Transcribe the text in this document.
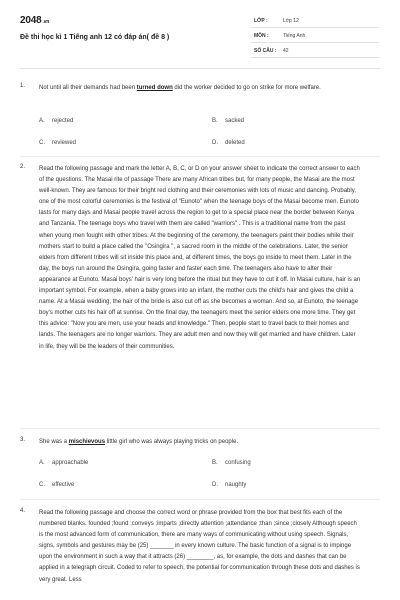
2048.vn
Đề thi học kì 1 Tiếng anh 12 có đáp án( đề 8 )
LỚP :	Lớp 12
MÔN :	Tiếng Anh
SỐ CÂU : 42
1. Not until all their demands had been turned down did the worker decided to go on strike for more welfare.
A. rejected	B. sacked
C. reviewed	D. deleted
2. Read the following passage and mark the letter A, B, C, or D on your answer sheet to indicate the correct answer to each of the questions. The Masai rite of passage There are many African tribes but, for many people, the Masai are the most well-known. They are famous for their bright red clothing and their ceremonies with lots of music and dancing. Probably, one of the most colorful ceremonies is the festival of "Eunoto" when the teenage boys of the Masai become men. Eunoto lasts for many days and Masai people travel across the region to get to a special place near the border between Kenya and Tanzania. The teenage boys who travel with them are called "warriors" . This is a traditional name from the past when young men fought with other tribes. At the beginning of the ceremony, the teenagers paint their bodies while their mothers start to build a place called the "Osingira ", a sacred room in the middle of the celebrations. Later, the senior elders from different tribes will sit inside this place and, at different times, the boys go inside to meet them. Later in the day, the boys run around the Osingira, going faster and faster each time. The teenagers also have to alter their appearance at Eunoto. Masai boys' hair is very long before the ritual but they have to cut it off. In Masai culture, hair is an important symbol. For example, when a baby grows into an infant, the mother cuts the child's hair and gives the child a name. At a Masai wedding, the hair of the bride is also cut off as she becomes a woman. And so, at Eunoto, the teenage boy's mother cuts his hair off at sunrise. On the final day, the teenagers meet the senior elders one more time. They get this advice: "Now you are men, use your heads and knowledge." Then, people start to travel back to their homes and lands. The teenagers are no longer warriors. They are adult men and now they will get married and have children. Later in life, they will be the leaders of their communities.
3. She was a mischievous little girl who was always playing tricks on people.
A. approachable	B. confusing
C. effective	D. naughty
4. Read the following passage and choose the correct word or phrase provided from the box that best fits each of the numbered blanks. founded ;found ;conveys ;imparts ;directly attention ;attendance ;than ;since ;closely Although speech is the most advanced form of communication, there are many ways of communicating without using speech. Signals, signs, symbols and gestures may be (25) _______ in every known culture. The basic function of a signal is to impinge upon the environment in such a way that it attracts (26) ________, as, for example, the dots and dashes that can be applied in a telegraph circuit. Coded to refer to speech, the potential for communication through these dots and dashes is very great. Less
